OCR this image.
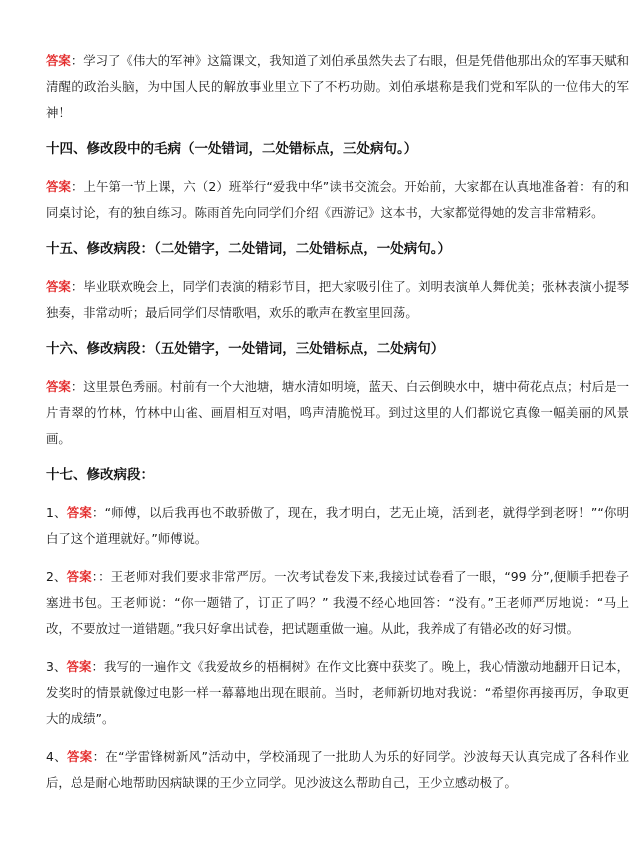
答案：学习了《伟大的军神》这篇课文，我知道了刘伯承虽然失去了右眼，但是凭借他那出众的军事天赋和清醒的政治头脑，为中国人民的解放事业里立下了不朽功勋。刘伯承堪称是我们党和军队的一位伟大的军神！

十四、修改段中的毛病（一处错词，二处错标点，三处病句。）

答案：上午第一节上课，六（2）班举行“爱我中华”读书交流会。开始前，大家都在认真地准备着：有的和同桌讨论，有的独自练习。陈雨首先向同学们介绍《西游记》这本书，大家都觉得她的发言非常精彩。

十五、修改病段：（二处错字，二处错词，二处错标点，一处病句。）

答案：毕业联欢晚会上，同学们表演的精彩节目，把大家吸引住了。刘明表演单人舞优美；张林表演小提琴独奏，非常动听；最后同学们尽情歌唱，欢乐的歌声在教室里回荡。

十六、修改病段：（五处错字，一处错词，三处错标点，二处病句）

答案：这里景色秀丽。村前有一个大池塘，塘水清如明境，蓝天、白云倒映水中，塘中荷花点点；村后是一片青翠的竹林，竹林中山雀、画眉相互对唱，鸣声清脆悦耳。到过这里的人们都说它真像一幅美丽的风景画。

十七、修改病段：

1、答案：“师傅，以后我再也不敢骄傲了，现在，我才明白，艺无止境，活到老，就得学到老呀！”“你明白了这个道理就好。”师傅说。

2、答案：：王老师对我们要求非常严厉。一次考试卷发下来,我接过试卷看了一眼，“99 分”,便顺手把卷子塞进书包。王老师说：“你一题错了，订正了吗？” 我漫不经心地回答：“没有。”王老师严厉地说：“马上改，不要放过一道错题。”我只好拿出试卷，把试题重做一遍。从此，我养成了有错必改的好习惯。

3、答案：我写的一遍作文《我爱故乡的梧桐树》在作文比赛中获奖了。晚上，我心情激动地翻开日记本，发奖时的情景就像过电影一样一幕幕地出现在眼前。当时，老师新切地对我说：“希望你再接再厉，争取更大的成绩”。

4、答案：在“学雷锋树新风”活动中，学校涌现了一批助人为乐的好同学。沙波每天认真完成了各科作业后，总是耐心地帮助因病缺课的王少立同学。见沙波这么帮助自己，王少立感动极了。
